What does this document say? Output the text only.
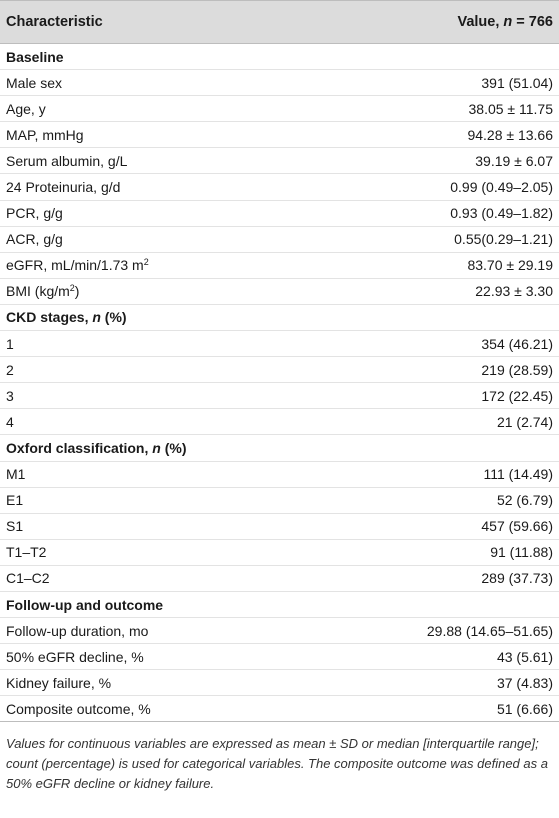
Characteristic	Value, n = 766
Baseline
Male sex	391 (51.04)
Age, y	38.05 ± 11.75
MAP, mmHg	94.28 ± 13.66
Serum albumin, g/L	39.19 ± 6.07
24 Proteinuria, g/d	0.99 (0.49–2.05)
PCR, g/g	0.93 (0.49–1.82)
ACR, g/g	0.55(0.29–1.21)
eGFR, mL/min/1.73 $m^2$	83.70 ± 29.19
BMI $(kg/m^2)$	22.93 ± 3.30
CKD stages, n (%)
1	354 (46.21)
2	219 (28.59)
3	172 (22.45)
4	21 (2.74)
Oxford classification, n (%)
M1	111 (14.49)
E1	52 (6.79)
S1	457 (59.66)
T1–T2	91 (11.88)
C1–C2	289 (37.73)
Follow-up and outcome
Follow-up duration, mo	29.88 (14.65–51.65)
50% eGFR decline, %	43 (5.61)
Kidney failure, %	37 (4.83)
Composite outcome, %	51 (6.66)
Values for continuous variables are expressed as mean ± SD or median [interquartile range]; count (percentage) is used for categorical variables. The composite outcome was defined as a 50% eGFR decline or kidney failure.
